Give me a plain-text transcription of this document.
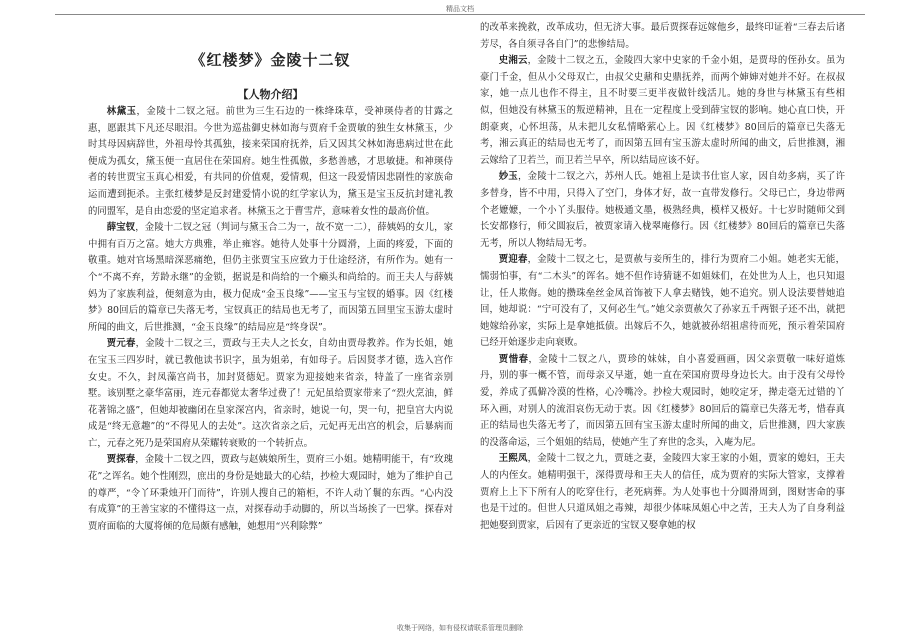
精品文档
《红楼梦》金陵十二钗
【人物介绍】

林黛玉，金陵十二钗之冠。前世为三生石边的一株绛珠草，受神瑛侍者的甘露之惠，愿跟其下凡还尽眼泪。今世为巡盐御史林如海与贾府千金贾敏的独生女林黛玉，少时其母因病辞世，外祖母怜其孤独，接来荣国府抚养，后又因其父林如海患病过世在此便成为孤女，黛玉便一直居住在荣国府。她生性孤傲，多愁善感，才思敏捷。和神瑛侍者的转世贾宝玉真心相爱，有共同的价值观，爱情观，但这一段爱情因悲剧性的家族命运而遭到扼杀。主张红楼梦是反封建爱情小说的红学家认为，黛玉是宝玉反抗封建礼教的同盟军，是自由恋爱的坚定追求者。林黛玉之于曹雪芹，意味着女性的最高价值。

薛宝钗，金陵十二钗之冠（判词与黛玉合二为一，故不宽一二），薛姨妈的女儿，家中拥有百万之富。她大方典雅，举止雍容。她待人处事十分圆滑，上面的疼爱，下面的敬重。她对官场黑暗深恶痛绝，但仍主张贾宝玉应致力于仕途经济，有所作为。她有一个“不离不弃，芳龄永继”的金锁，据说是和尚给的一个癞头和尚给的。而王夫人与薛姨妈为了家族利益，便刻意为由，极力促成“金玉良缘”——宝玉与宝钗的婚事。因《红楼梦》80回后的篇章已失落无考，宝钗真正的结局也无考了，而因第五回里宝玉游太虚时所闻的曲文，后世推测，“金玉良缘”的结局应是“终身误”。

贾元春，金陵十二钗之三，贾政与王夫人之长女，自幼由贾母教养。作为长姐，她在宝玉三四岁时，就已教他读书识字，虽为姐弟，有如母子。后因贤孝才德，选入宫作女史。不久，封凤藻宫尚书，加封贤德妃。贾家为迎接她来省亲，特盖了一座省亲别墅。该别墅之豪华富丽，连元春都觉太奢华过费了！元妃虽给贾家带来了“烈火烹油，鲜花著锦之盛”，但她却被幽闭在皇家深宫内，省亲时，她说一句，哭一句，把皇宫大内说成是“终无意趣”的“不得见人的去处”。这次省亲之后，元妃再无出宫的机会，后暴病而亡，元春之死乃是荣国府从荣耀转衰败的一个转折点。

贾探春，金陵十二钗之四，贾政与赵姨娘所生，贾府三小姐。她精明能干，有“玫瑰花”之诨名。她个性刚烈，庶出的身份是她最大的心结，抄检大观园时，她为了维护自己的尊严，“令丫环秉烛开门而待”，许别人搜自己的箱柜，不许人动丫鬟的东西。“心内没有成算”的王善宝家的不懂得这一点，对探春动手动脚的，所以当场挨了一巴掌。探春对贾府面临的大厦将倾的危局颇有感触，她想用“兴利除弊”

的改革来挽救，改革成功，但无济大事。最后贾探春远嫁他乡，最终印证着“三春去后诸芳尽，各自须寻各自门”的悲惨结局。

史湘云，金陵十二钗之五，金陵四大家中史家的千金小姐，是贾母的侄孙女。虽为豪门千金，但从小父母双亡，由叔父史鼐和史鼎抚养，而两个婶婶对她并不好。在叔叔家，她一点儿也作不得主，且不时要三更半夜做针线活儿。她的身世与林黛玉有些相似，但她没有林黛玉的叛逆精神，且在一定程度上受到薛宝钗的影响。她心直口快，开朗豪爽，心怀坦荡，从未把儿女私情略萦心上。因《红楼梦》80回后的篇章已失落无考，湘云真正的结局也无考了，而因第五回有宝玉游太虚时所闻的曲文，后世推测，湘云嫁给了卫若兰，而卫若兰早卒，所以结局应该不好。

妙玉，金陵十二钗之六，苏州人氏。她祖上是读书仕宦人家，因自幼多病，买了许多替身，皆不中用，只得入了空门，身体才好，故一直带发修行。父母已亡，身边带两个老嬷嬷，一个小丫头服侍。她极通文墨，极熟经典，模样又极好。十七岁时随师父到长安都修行，师父圆寂后，被贾家请入栊翠庵修行。因《红楼梦》80回后的篇章已失落无考，所以人物结局无考。

贾迎春，金陵十二钗之七，是贾赦与妾所生的，排行为贾府二小姐。她老实无能，懦弱怕事，有“二木头”的诨名。她不但作诗猜谜不如姐妹们，在处世为人上，也只知退让，任人欺侮。她的攒珠垒丝金凤首饰被下人拿去赌钱，她不追究。别人设法要替她追回，她却说：“宁可没有了，又何必生气。”她父亲贾赦欠了孙家五千两银子还不出，就把她嫁给孙家，实际上是拿她抵债。出嫁后不久，她就被孙绍祖虐待而死，预示着荣国府已经开始逐步走向衰败。

贾惜春，金陵十二钗之八，贾珍的妹妹，自小喜爱画画，因父亲贾敬一味好道炼丹，别的事一概不管，而母亲又早逝，她一直在荣国府贾母身边长大。由于没有父母怜爱，养成了孤僻冷漠的性格，心冷嘴冷。抄检大观园时，她咬定牙，撵走毫无过错的丫环入画，对别人的流泪哀伤无动于衷。因《红楼梦》80回后的篇章已失落无考，惜春真正的结局也失落无考了，而因第五回有宝玉游太虚时所闻的曲文，后世推测，四大家族的没落命运，三个姐姐的结局，使她产生了弃世的念头，入庵为尼。

王熙凤，金陵十二钗之九，贾琏之妻，金陵四大家王家的小姐，贾家的媳妇，王夫人的内侄女。她精明强干，深得贾母和王夫人的信任，成为贾府的实际大管家，支撑着贾府上上下下所有人的吃穿住行，老死病葬。为人处事也十分圆滑周到，图财害命的事也是干过的。但世人只道凤姐之毒辣，却很少体味凤姐心中之苦，王夫人为了自身利益把她娶到贾家，后因有了更亲近的宝钗又娶拿她的权

收集于网络，如有侵权请联系管理员删除
